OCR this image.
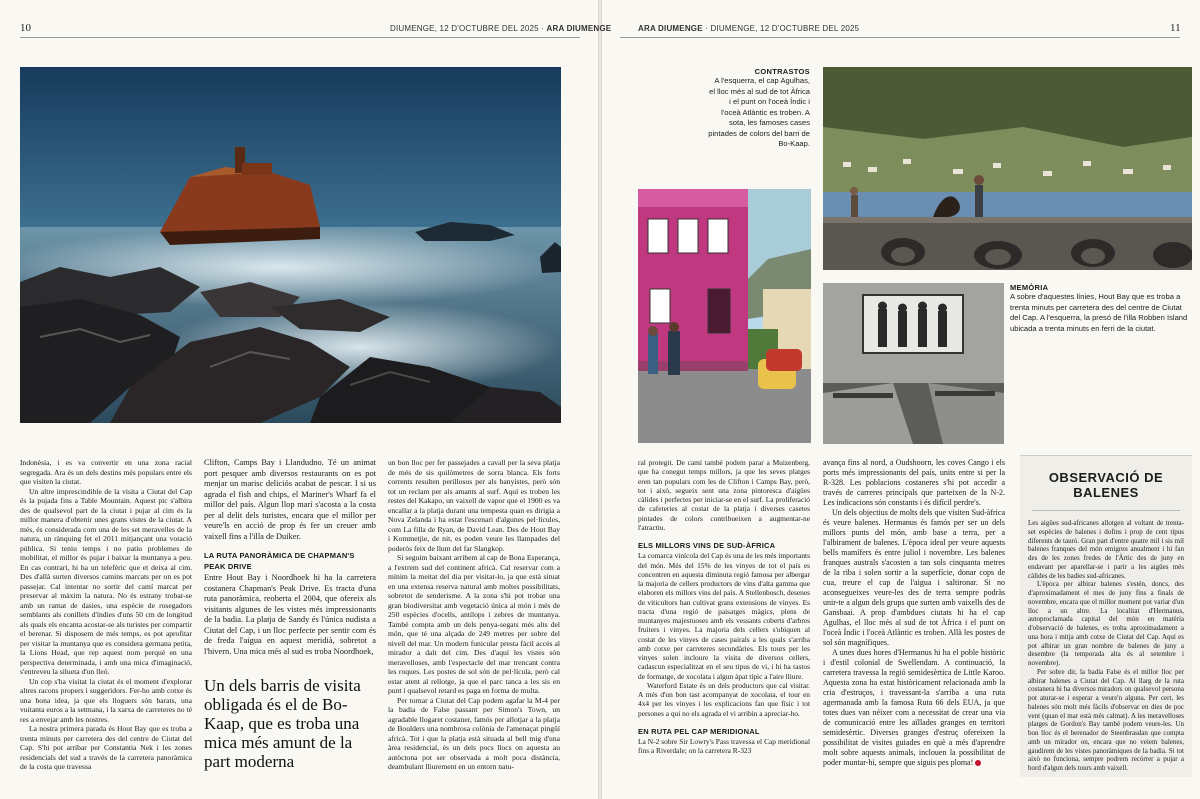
10	DIUMENGE, 12 D'OCTUBRE DEL 2025 · ARA DIUMENGE	ARA DIUMENGE · DIUMENGE, 12 D'OCTUBRE DEL 2025	11
CONTRASTOS
A l'esquerra, el cap Agulhas, el lloc més al sud de tot Àfrica i el punt on l'oceà Índic i l'oceà Atlàntic es troben. A sota, les famoses cases pintades de colors del barri de Bo-Kaap.
MEMÒRIA
A sobre d'aquestes línies, Hout Bay que es troba a trenta minuts per carretera des del centre de Ciutat del Cap. A l'esquerra, la presó de l'illa Robben Island ubicada a trenta minuts en ferri de la ciutat.

Indonèsia, i es va convertir en una zona racial segregada. Ara és un dels destins més populars entre els que visiten la ciutat.

Un altre imprescindible de la visita a Ciutat del Cap és la pujada fins a Table Mountain. Aquest pic s'albira des de qualsevol part de la ciutat i pujar al cim és la millor manera d'obtenir unes grans vistes de la ciutat. A més, és considerada com una de les set meravelles de la natura, un rànquing fet el 2011 mitjançant una votació pública. Si teniu temps i no patiu problemes de mobilitat, el millor és pujar i baixar la muntanya a peu. En cas contrari, hi ha un telefèric que et deixa al cim. Des d'allà surten diversos camins marcats per on es pot passejar. Cal intentar no sortir del camí marcat per preservar al màxim la natura. No és estrany trobar-se amb un ramat de dasies, una espècie de rosegadors semblants als conillets d'índies d'uns 50 cm de longitud als quals els encanta acostar-se als turistes per compartir el berenar. Si disposem de més temps, es pot aprofitar per visitar la muntanya que es considera germana petita, la Lions Head, que rep aquest nom perquè en una perspectiva determinada, i amb una mica d'imaginació, s'entreveu la silueta d'un lleó.

Un cop s'ha visitat la ciutat és el moment d'explorar altres racons propers i suggeridors. Fer-ho amb cotxe és una bona idea, ja que els lloguers són barats, una vuitanta euros a la setmana, i la xarxa de carreteres no té res a envejar amb les nostres.

La nostra primera parada és Hout Bay que es troba a trenta minuts per carretera des del centre de Ciutat del Cap. S'hi pot arribar per Constantia Nek i les zones residencials del sud a través de la carretera panoràmica de la costa que travessa

Clifton, Camps Bay i Llandudno. Té un animat port pesquer amb diversos restaurants on es pot menjar un marisc deliciós acabat de pescar. I si us agrada el fish and chips, el Mariner's Wharf fa el millor del país. Algun llop marí s'acosta a la costa per al delit dels turistes, encara que el millor per veure'ls en acció de prop és fer un creuer amb vaixell fins a l'illa de Duiker.

LA RUTA PANORÀMICA DE CHAPMAN'S PEAK DRIVE

Entre Hout Bay i Noordhoek hi ha la carretera costanera Chapman's Peak Drive. Es tracta d'una ruta panoràmica, reoberta el 2004, que ofereix als visitants algunes de les vistes més impressionants de la badia. La platja de Sandy és l'única nudista a Ciutat del Cap, i un lloc perfecte per sentir com és de freda l'aigua en aquest meridià, sobretot a l'hivern. Una mica més al sud es troba Noordhoek,

Un dels barris de visita obligada és el de Bo-Kaap, que es troba una mica més amunt de la part moderna

un bon lloc per fer passejades a cavall per la seva platja de més de sis quilòmetres de sorra blanca. Els forts corrents resulten perillosos per als banyistes, però són tot un reclam per als amants al surf. Aquí es troben les restes del Kakapo, un vaixell de vapor que el 1900 es va encallar a la platja durant una tempesta quan es dirigia a Nova Zelanda i ha estat l'escenari d'algunes pel·lícules, com La filla de Ryan, de David Lean. Des de Hout Bay i Kommetjie, de nit, es poden veure les llampades del poderós feix de llum del far Slangkop.

Si seguim baixant arribem al cap de Bona Esperança, a l'extrem sud del continent africà. Cal reservar com a mínim la meitat del dia per visitar-lo, ja que està situat en una extensa reserva natural amb moltes possibilitats, sobretot de senderisme. A la zona s'hi pot trobar una gran biodiversitat amb vegetació única al món i més de 250 espècies d'ocells, antílops i zebres de muntanya. També compta amb un dels penya-segats més alts del món, que té una alçada de 249 metres per sobre del nivell del mar. Un modern funicular presta fàcil accés al mirador a dalt del cim. Des d'aquí les vistes són meravelloses, amb l'espectacle del mar trencant contra les roques. Les postes de sol són de pel·lícula, però cal estar atent al rellotge, ja que el parc tanca a les sis en punt i qualsevol retard es paga en forma de multa.

Per tornar a Ciutat del Cap podem agafar la M-4 per la badia de False passant per Simon's Town, un agradable llogaret costaner, famós per allotjar a la platja de Boulders una nombrosa colònia de l'amenaçat pingüí africà. Tot i que la platja està situada al bell mig d'una àrea residencial, és un dels pocs llocs on aquesta au autòctona pot ser observada a molt poca distància, deambulant lliurement en un entorn natu-

ral protegit. De camí també podem parar a Muizenberg, que ha conegut temps millors, ja que les seves platges eren tan populars com les de Clifton i Camps Bay, però, tot i això, segueix sent una zona pintoresca d'aigües càlides i perfectes per iniciar-se en el surf. La proliferació de cafeteries al costat de la platja i diverses casetes pintades de colors contribueixen a augmentar-ne l'atractiu.

ELS MILLORS VINS DE SUD-ÀFRICA

La comarca vinícola del Cap és una de les més importants del món. Més del 15% de les vinyes de tot el país es concentren en aquesta diminuta regió famosa per albergar la majoria de cellers productors de vins d'alta gamma que elaboren els millors vins del país. A Stellenbosch, desenes de viticultors han cultivat grans extensions de vinyes. Es tracta d'una regió de paisatges màgics, plens de muntanyes majestuoses amb els vessants coberts d'arbres fruiters i vinyes. La majoria dels cellers s'ubiquen al costat de les vinyes de cases pairals a les quals s'arriba amb cotxe per carreteres secundàries. Els tours per les vinyes solen incloure la visita de diversos cellers, cadascun especialitzat en el seu tipus de vi, i hi ha tastos de formatge, de xocolata i algun àpat típic a l'aire lliure.

Waterford Estate és un dels productors que cal visitar. A més d'un bon tast acompanyat de xocolata, el tour en 4x4 per les vinyes i les explicacions fan que físic i tot persones a qui no els agrada el vi arribin a apreciar-ho.

EN RUTA PEL CAP MERIDIONAL

La N-2 sobre Sir Lowry's Pass travessa el Cap meridional fins a Riverdale; on la carretera R-323

avança fins al nord, a Oudshoorn, les coves Cango i els ports més impressionants del país, units entre si per la R-328. Les poblacions costaneres s'hi pot accedir a través de carreres principals que parteixen de la N-2. Les indicacions són constants i és difícil perdre's.

Un dels objectius de molts dels que visiten Sud-àfrica és veure balenes. Hermanus és famós per ser un dels millors punts del món, amb base a terra, per a l'albirament de balenes. L'època ideal per veure aquests bells mamífers és entre juliol i novembre. Les balenes franques australs s'acosten a tan sols cinquanta metres de la riba i solen sortir a la superfície, donar cops de cua, treure el cap de l'aigua i saltironar. Si no aconsegueixes veure-les des de terra sempre podràs unir-te a algun dels grups que surten amb vaixells des de Gansbaai. A prop d'ambdues ciutats hi ha el cap Agulhas, el lloc més al sud de tot Àfrica i el punt on l'oceà Índic i l'oceà Atlàntic es troben. Allà les postes de sol són magnífiques.

A unes dues hores d'Hermanus hi ha el poble històric i d'estil colonial de Swellendam. A continuació, la carretera travessa la regió semidesèrtica de Little Karoo. Aquesta zona ha estat històricament relacionada amb la cria d'estruços, i travessant-la s'arriba a una ruta agermanada amb la famosa Ruta 66 dels EUA, ja que totes dues van néixer com a necessitat de crear una via de comunicació entre les aïllades granges en territori semidesèrtic. Diverses granges d'estruç ofereixen la possibilitat de visites guiades en què a més d'aprendre molt sobre aquests animals, inclouen la possibilitat de poder muntar-hi, sempre que siguis pes ploma!

OBSERVACIÓ DE BALENES

Les aigües sud-africanes allotgen al voltant de trenta-set espècies de balenes i dofins i prop de cent tipus diferents de tauró. Gran part d'entre quatre mil i sis mil balenes franques del món emigren anualment i hi fan des de les zones fredes de l'Àrtic des de juny en endavant per aparellar-se i parir a les aigües més càlides de les badies sud-africanes.

L'època per albirar balenes s'estén, doncs, des d'aproximadament el mes de juny fins a finals de novembre, encara que el millor moment pot variar d'un lloc a un altre. La localitat d'Hermanus, autoproclamada capital del món en matèria d'observació de balenes, es troba aproximadament a una hora i mitja amb cotxe de Ciutat del Cap. Aquí es pot albirar un gran nombre de balenes de juny a desembre (la temporada alta és al setembre i novembre).

Per sobre dir, la badia False és el millor lloc per albirar balenes a Ciutat del Cap. Al llarg de la ruta costanera hi ha diversos miradors on qualsevol persona pot aturar-se i esperar a veure'n alguna. Per cert, les balenes són molt més fàcils d'observar en dies de poc vent (quan el mar està més calmat). A les meravelloses platges de Gordon's Bay també podem veure-les. Un bon lloc és el berenador de Steenbrasdan que compta amb un mirador on, encara que no veiem balenes, gaudirem de les vistes panoràmiques de la badia. Si tot això no funciona, sempre podrem recórrer a pujar a bord d'algun dels tours amb vaixell.
